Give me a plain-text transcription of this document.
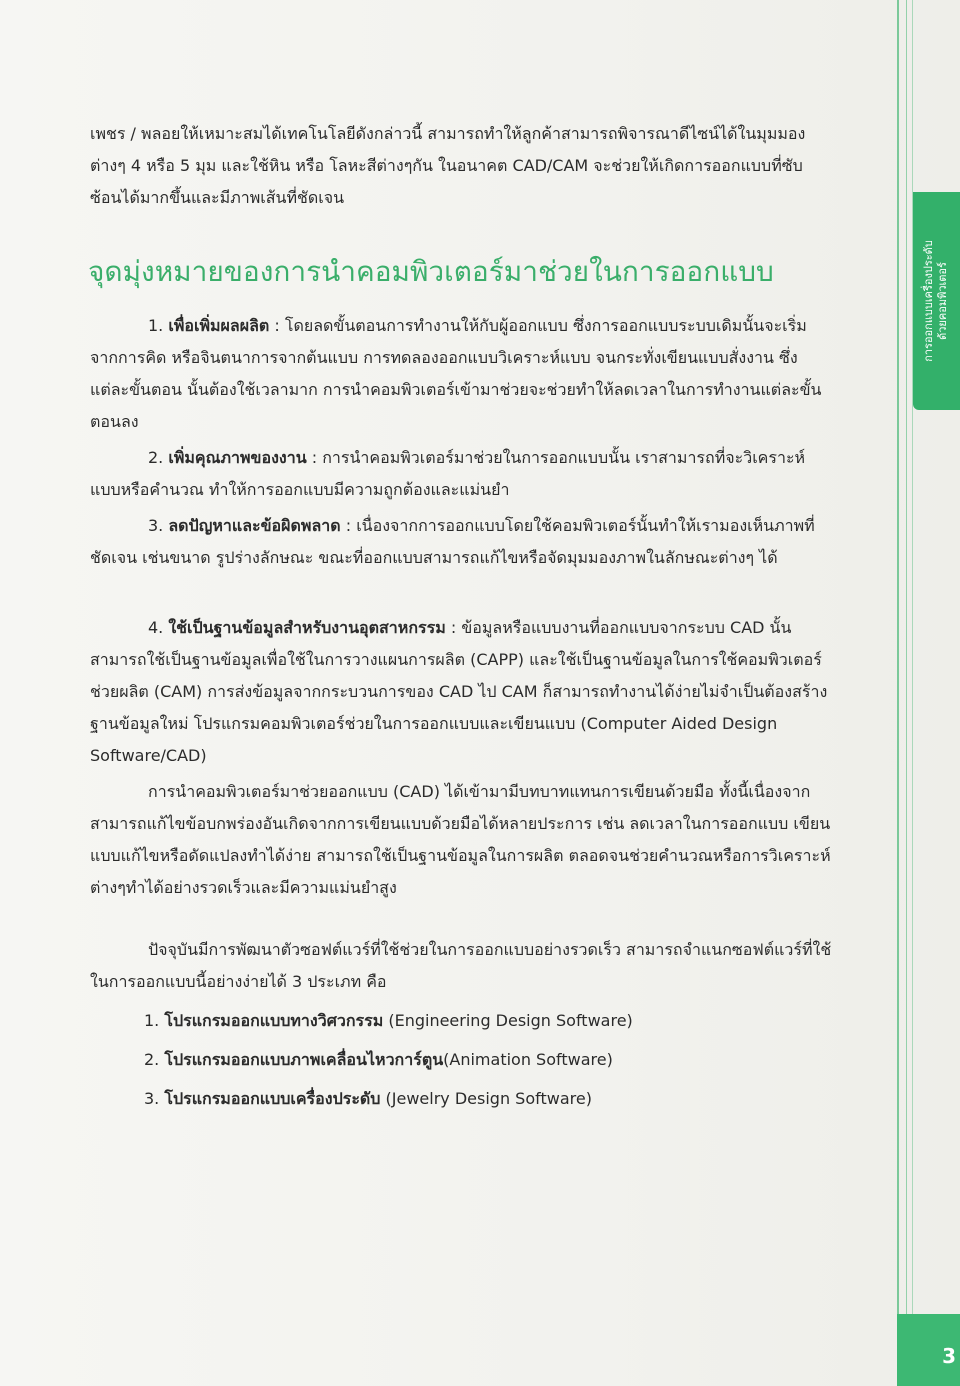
การออกแบบเครื่องประดับ ด้วยคอมพิวเตอร์

เพชร / พลอยให้เหมาะสมได้เทคโนโลยีดังกล่าวนี้ สามารถทำให้ลูกค้าสามารถพิจารณาดีไซน์ได้ในมุมมองต่างๆ 4 หรือ 5 มุม และใช้หิน หรือ โลหะสีต่างๆกัน ในอนาคต CAD/CAM จะช่วยให้เกิดการออกแบบที่ซับซ้อนได้มากขึ้นและมีภาพเส้นที่ชัดเจน

จุดมุ่งหมายของการนำคอมพิวเตอร์มาช่วยในการออกแบบ

1. เพื่อเพิ่มผลผลิต : โดยลดขั้นตอนการทำงานให้กับผู้ออกแบบ ซึ่งการออกแบบระบบเดิมนั้นจะเริ่มจากการคิด หรือจินตนาการจากต้นแบบ การทดลองออกแบบวิเคราะห์แบบ จนกระทั่งเขียนแบบสั่งงาน ซึ่งแต่ละขั้นตอน นั้นต้องใช้เวลามาก การนำคอมพิวเตอร์เข้ามาช่วยจะช่วยทำให้ลดเวลาในการทำงานแต่ละขั้นตอนลง

2. เพิ่มคุณภาพของงาน : การนำคอมพิวเตอร์มาช่วยในการออกแบบนั้น เราสามารถที่จะวิเคราะห์แบบหรือคำนวณ ทำให้การออกแบบมีความถูกต้องและแม่นยำ

3. ลดปัญหาและข้อผิดพลาด : เนื่องจากการออกแบบโดยใช้คอมพิวเตอร์นั้นทำให้เรามองเห็นภาพที่ชัดเจน เช่นขนาด รูปร่างลักษณะ ขณะที่ออกแบบสามารถแก้ไขหรือจัดมุมมองภาพในลักษณะต่างๆ ได้

4. ใช้เป็นฐานข้อมูลสำหรับงานอุตสาหกรรม : ข้อมูลหรือแบบงานที่ออกแบบจากระบบ CAD นั้น สามารถใช้เป็นฐานข้อมูลเพื่อใช้ในการวางแผนการผลิต (CAPP) และใช้เป็นฐานข้อมูลในการใช้คอมพิวเตอร์ช่วยผลิต (CAM) การส่งข้อมูลจากกระบวนการของ CAD ไป CAM ก็สามารถทำงานได้ง่ายไม่จำเป็นต้องสร้างฐานข้อมูลใหม่ โปรแกรมคอมพิวเตอร์ช่วยในการออกแบบและเขียนแบบ (Computer Aided Design Software/CAD)

การนำคอมพิวเตอร์มาช่วยออกแบบ (CAD) ได้เข้ามามีบทบาทแทนการเขียนด้วยมือ ทั้งนี้เนื่องจากสามารถแก้ไขข้อบกพร่องอันเกิดจากการเขียนแบบด้วยมือได้หลายประการ เช่น ลดเวลาในการออกแบบ เขียนแบบแก้ไขหรือดัดแปลงทำได้ง่าย สามารถใช้เป็นฐานข้อมูลในการผลิต ตลอดจนช่วยคำนวณหรือการวิเคราะห์ต่างๆทำได้อย่างรวดเร็วและมีความแม่นยำสูง

ปัจจุบันมีการพัฒนาตัวซอฟต์แวร์ที่ใช้ช่วยในการออกแบบอย่างรวดเร็ว สามารถจำแนกซอฟต์แวร์ที่ใช้ในการออกแบบนี้อย่างง่ายได้ 3 ประเภท คือ

1. โปรแกรมออกแบบทางวิศวกรรม (Engineering Design Software)
2. โปรแกรมออกแบบภาพเคลื่อนไหวการ์ตูน(Animation Software)
3. โปรแกรมออกแบบเครื่องประดับ (Jewelry Design Software)
3
